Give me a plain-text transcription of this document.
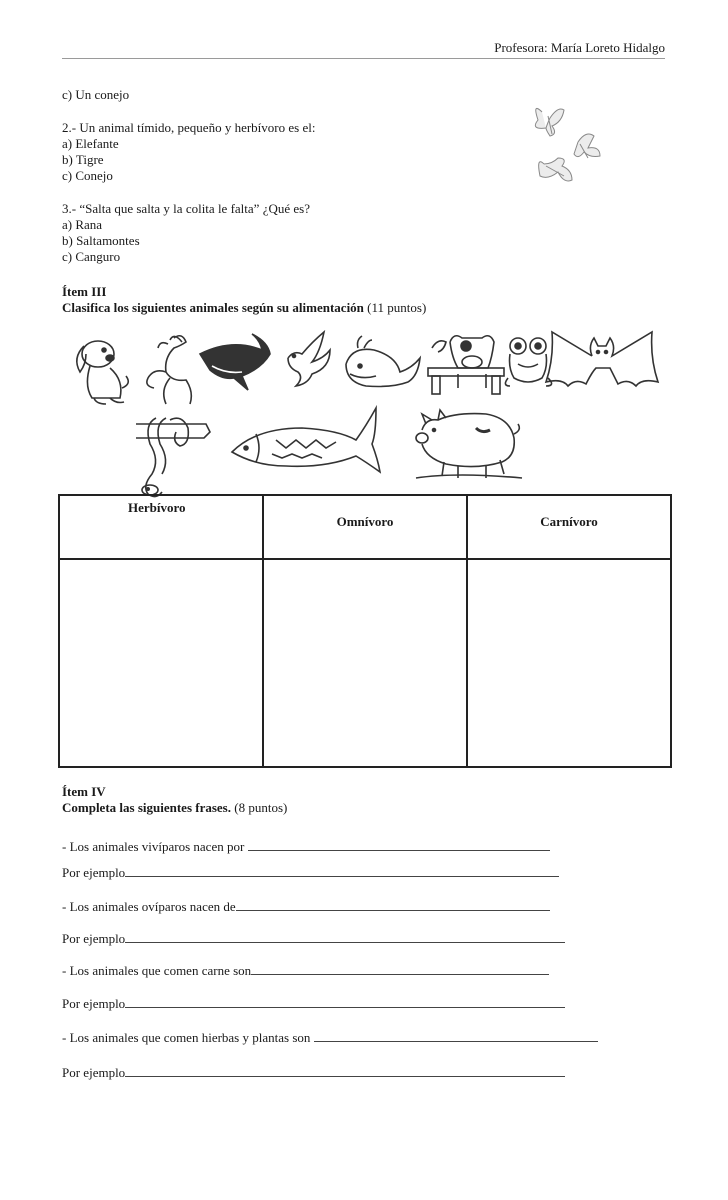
Profesora: María Loreto Hidalgo
c) Un conejo
2.- Un animal tímido, pequeño y herbívoro es el:
a) Elefante
b) Tigre
c) Conejo
3.- “Salta que salta y la colita le falta” ¿Qué es?
a) Rana
b) Saltamontes
c) Canguro
Ítem III
Clasifica los siguientes animales según su alimentación (11 puntos)
Herbívoro	Omnívoro	Carnívoro

Ítem IV
Completa las siguientes frases. (8 puntos)
- Los animales vivíparos nacen por
Por ejemplo
- Los animales ovíparos nacen de
Por ejemplo
- Los animales que comen carne son
Por ejemplo
- Los animales que comen hierbas y plantas son
Por ejemplo
